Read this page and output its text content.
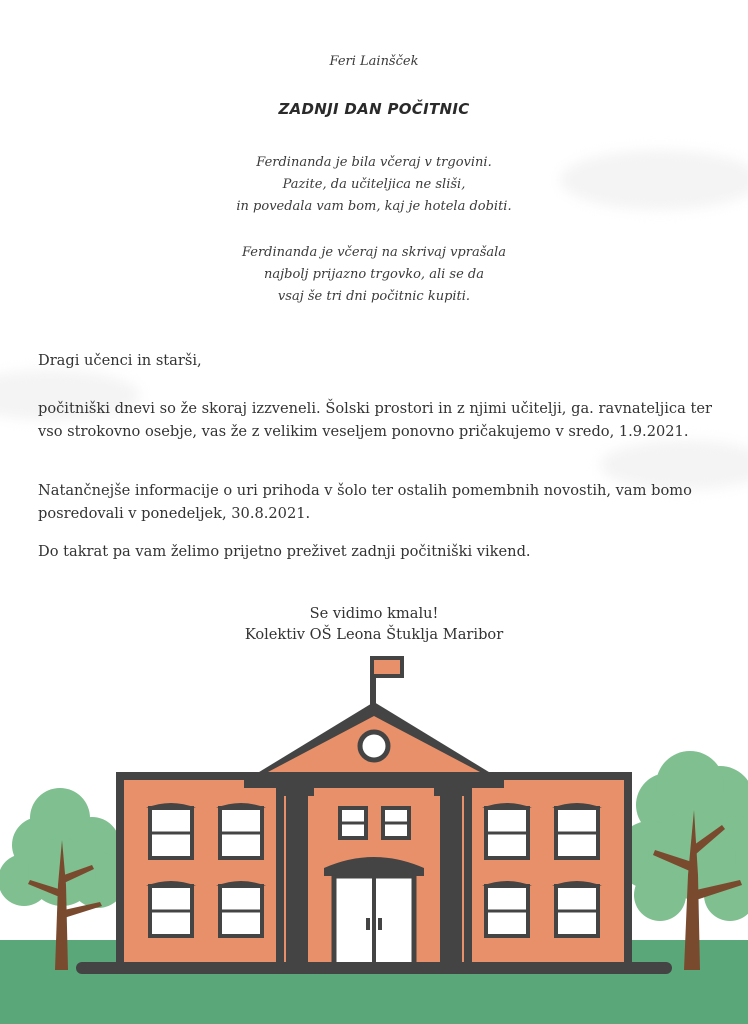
Feri Lainšček
ZADNJI DAN POČITNIC
Ferdinanda je bila včeraj v trgovini.
Pazite, da učiteljica ne sliši,
in povedala vam bom, kaj je hotela dobiti.
Ferdinanda je včeraj na skrivaj vprašala
najbolj prijazno trgovko, ali se da
vsaj še tri dni počitnic kupiti.
Dragi učenci in starši,
počitniški dnevi so že skoraj izzveneli. Šolski prostori in z njimi učitelji, ga. ravnateljica ter vso strokovno osebje, vas že z velikim veseljem ponovno pričakujemo v sredo, 1.9.2021.
Natančnejše informacije o uri prihoda v šolo ter ostalih pomembnih novostih, vam bomo posredovali v ponedeljek, 30.8.2021.
Do takrat pa vam želimo prijetno preživet zadnji počitniški vikend.
Se vidimo kmalu!
Kolektiv OŠ Leona Štuklja Maribor
